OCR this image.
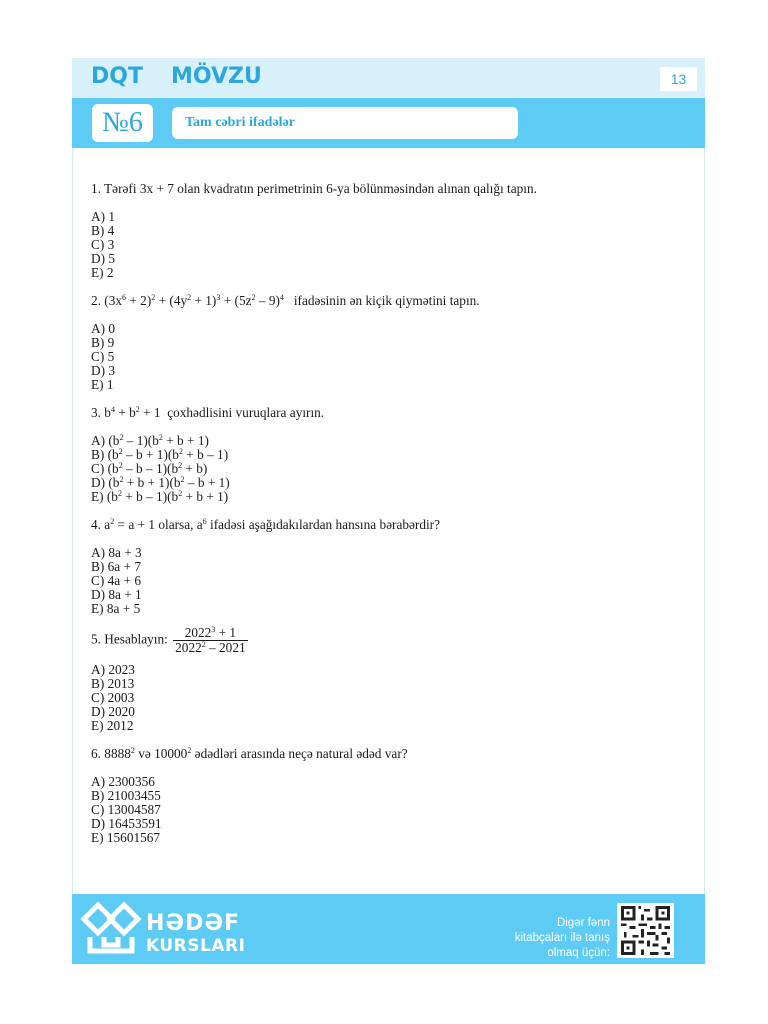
DQT MÖVZU	13
№6	Tam cəbri ifadələr
1. Tərəfi 3x + 7 olan kvadratın perimetrinin 6-ya bölünməsindən alınan qalığı tapın.
A) 1
B) 4
C) 3
D) 5
E) 2
2. $(3x^6 + 2)^2 + (4y^2 + 1)^3 + (5z^2 - 9)^4$   ifadəsinin ən kiçik qiymətini tapın.
A) 0
B) 9
C) 5
D) 3
E) 1
3. $b^4 + b^2 + 1$  çoxhədlisini vuruqlara ayırın.
A) $(b^2 - 1)(b^2 + b + 1)$
B) $(b^2 - b + 1)(b^2 + b - 1)$
C) $(b^2 - b - 1)(b^2 + b)$
D) $(b^2 + b + 1)(b^2 - b + 1)$
E) $(b^2 + b - 1)(b^2 + b + 1)$
4. $a^2 = a + 1$ olarsa, $a^6$ ifadəsi aşağıdakılardan hansına bərabərdir?
A) 8a + 3
B) 6a + 7
C) 4a + 6
D) 8a + 1
E) 8a + 5
5. Hesablayın: $\frac{2022^3 + 1}{2022^2 - 2021}$
A) 2023
B) 2013
C) 2003
D) 2020
E) 2012
6. 8888$^2$ və 10000$^2$ ədədləri arasında neçə natural ədəd var?
A) 2300356
B) 21003455
C) 13004587
D) 16453591
E) 15601567
HƏDƏF
KURSLARI
Digər fənn
kitabçaları ilə tanış
olmaq üçün:
